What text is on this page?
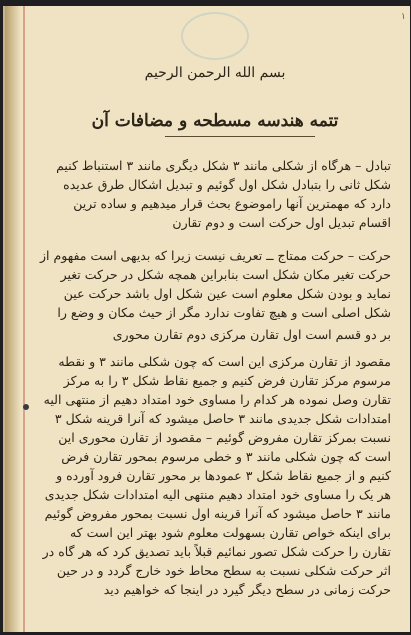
۱
بسم الله الرحمن الرحیم
تتمه هندسه مسطحه و مضافات آن
تبادل – هرگاه از شکلی مانند ۳ شکل دیگری مانند ۳ استنباط کنیم شکل ثانی را بتبادل شکل اول گوئیم و تبدیل اشکال طرق عدیده دارد که مهمترین آنها راموضوع بحث قرار میدهیم و ساده ترین اقسام تبدیل اول حرکت است و دوم تقارن
حرکت – حرکت ممتاج ــ تعریف نیست زیرا که بدیهی است مفهوم از حرکت تغیر مکان شکل است بنابراین همچه شکل در حرکت تغیر نماید و بودن شکل معلوم است عین شکل اول باشد حرکت عین شکل اصلی است و هیچ تفاوت ندارد مگر از حیث مکان و وضع را
بر دو قسم است اول تقارن مرکزی دوم تقارن محوری
مقصود از تقارن مرکزی این است که چون شکلی مانند ۳ و نقطه مرسوم مرکز تقارن فرض کنیم و جمیع نقاط شکل ۳ را به مرکز تقارن وصل نموده هر کدام را مساوی خود امتداد دهیم از منتهی الیه امتدادات شکل جدیدی مانند ۳ حاصل میشود که آنرا قرینه شکل ۳ نسبت بمرکز تقارن مفروض گوئیم – مقصود از تقارن محوری این است که چون شکلی مانند ۳ و خطی مرسوم بمحور تقارن فرض کنیم و از جمیع نقاط شکل ۳ عمودها بر محور تقارن فرود آورده و هر یک را مساوی خود امتداد دهیم منتهی الیه امتدادات شکل جدیدی مانند ۳ حاصل میشود که آنرا قرینه اول نسبت بمحور مفروض گوئیم برای اینکه خواص تقارن بسهولت معلوم شود بهتر این است که تقارن را حرکت شکل تصور نمائیم قبلاً باید تصدیق کرد که هر گاه در اثر حرکت شکلی نسبت به سطح محاط خود خارج گردد و در حین حرکت زمانی در سطح دیگر گیرد در اینجا که خواهیم دید
